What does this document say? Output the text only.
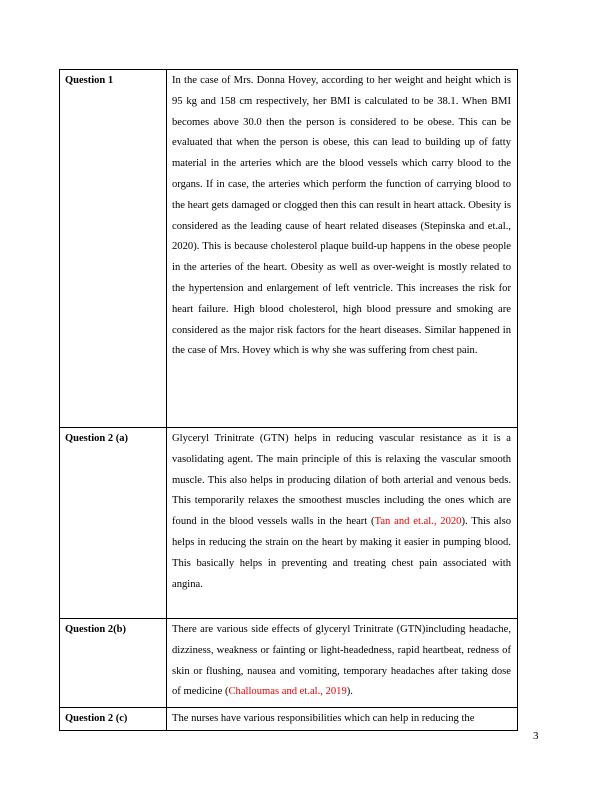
Question 1	In the case of Mrs. Donna Hovey, according to her weight and height which is 95 kg and 158 cm respectively, her BMI is calculated to be 38.1. When BMI becomes above 30.0 then the person is considered to be obese. This can be evaluated that when the person is obese, this can lead to building up of fatty material in the arteries which are the blood vessels which carry blood to the organs. If in case, the arteries which perform the function of carrying blood to the heart gets damaged or clogged then this can result in heart attack. Obesity is considered as the leading cause of heart related diseases (Stepinska and et.al., 2020). This is because cholesterol plaque build-up happens in the obese people in the arteries of the heart. Obesity as well as over-weight is mostly related to the hypertension and enlargement of left ventricle. This increases the risk for heart failure. High blood cholesterol, high blood pressure and smoking are considered as the major risk factors for the heart diseases. Similar happened in the case of Mrs. Hovey which is why she was suffering from chest pain.
Question 2 (a)	Glyceryl Trinitrate (GTN) helps in reducing vascular resistance as it is a vasolidating agent. The main principle of this is relaxing the vascular smooth muscle. This also helps in producing dilation of both arterial and venous beds. This temporarily relaxes the smoothest muscles including the ones which are found in the blood vessels walls in the heart (Tan and et.al., 2020). This also helps in reducing the strain on the heart by making it easier in pumping blood. This basically helps in preventing and treating chest pain associated with angina.
Question 2(b)	There are various side effects of glyceryl Trinitrate (GTN)including headache, dizziness, weakness or fainting or light-headedness, rapid heartbeat, redness of skin or flushing, nausea and vomiting, temporary headaches after taking dose of medicine (Challoumas and et.al., 2019).
Question 2 (c)	The nurses have various responsibilities which can help in reducing the
3
